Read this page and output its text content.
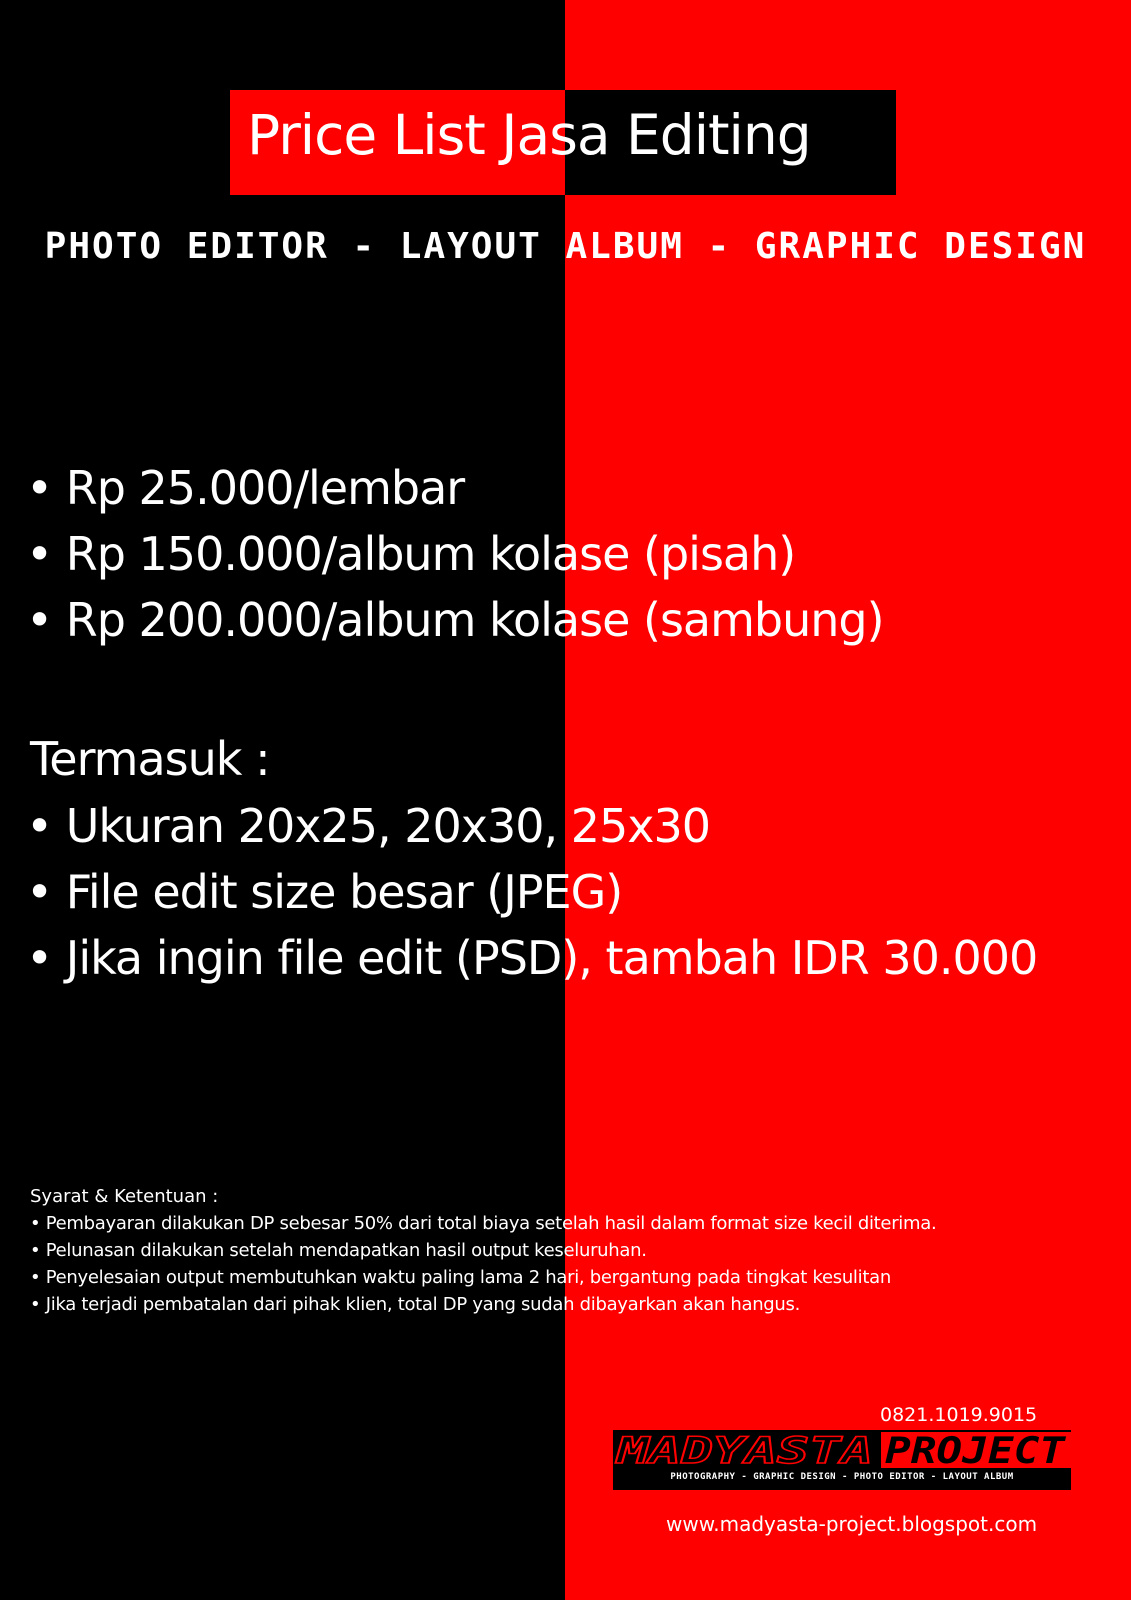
Price List Jasa Editing
PHOTO EDITOR - LAYOUT ALBUM - GRAPHIC DESIGN
• Rp 25.000/lembar
• Rp 150.000/album kolase (pisah)
• Rp 200.000/album kolase (sambung)
Termasuk :
• Ukuran 20x25, 20x30, 25x30
• File edit size besar (JPEG)
• Jika ingin file edit (PSD), tambah IDR 30.000
Syarat & Ketentuan :
• Pembayaran dilakukan DP sebesar 50% dari total biaya setelah hasil dalam format size kecil diterima.
• Pelunasan dilakukan setelah mendapatkan hasil output keseluruhan.
• Penyelesaian output membutuhkan waktu paling lama 2 hari, bergantung pada tingkat kesulitan
• Jika terjadi pembatalan dari pihak klien, total DP yang sudah dibayarkan akan hangus.
0821.1019.9015
MADYASTA PROJECT
PHOTOGRAPHY - GRAPHIC DESIGN - PHOTO EDITOR - LAYOUT ALBUM
www.madyasta-project.blogspot.com
